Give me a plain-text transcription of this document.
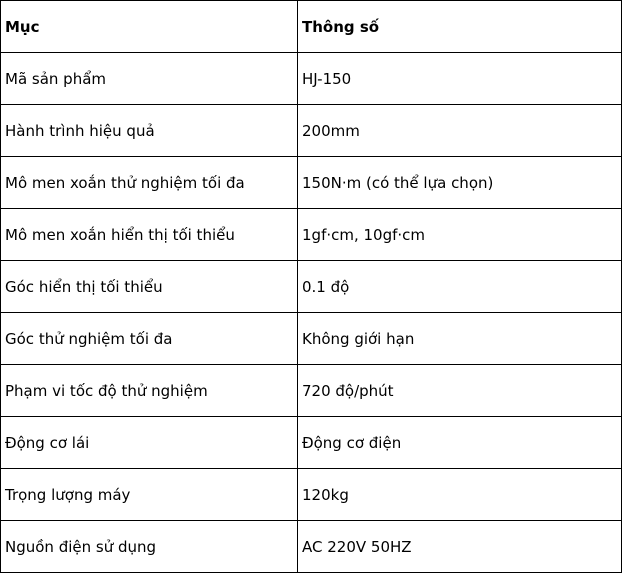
Mục	Thông số
Mã sản phẩm	HJ-150
Hành trình hiệu quả	200mm
Mô men xoắn thử nghiệm tối đa	150N·m (có thể lựa chọn)
Mô men xoắn hiển thị tối thiểu	1gf·cm, 10gf·cm
Góc hiển thị tối thiểu	0.1 độ
Góc thử nghiệm tối đa	Không giới hạn
Phạm vi tốc độ thử nghiệm	720 độ/phút
Động cơ lái	Động cơ điện
Trọng lượng máy	120kg
Nguồn điện sử dụng	AC 220V 50HZ
